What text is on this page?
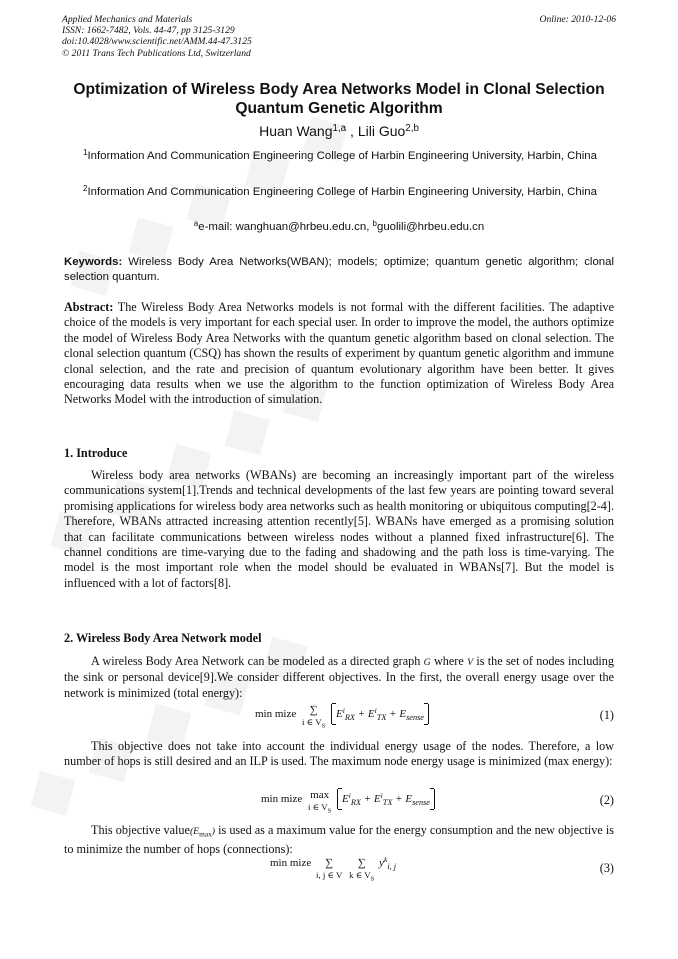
Applied Mechanics and Materials
ISSN: 1662-7482, Vols. 44-47, pp 3125-3129
doi:10.4028/www.scientific.net/AMM.44-47.3125
© 2011 Trans Tech Publications Ltd, Switzerland
Online: 2010-12-06
Optimization of Wireless Body Area Networks Model in Clonal Selection
Quantum Genetic Algorithm
Huan Wang$^{1,a}$ , Lili Guo$^{2,b}$
$^1$Information And Communication Engineering College of Harbin Engineering University, Harbin, China
$^2$Information And Communication Engineering College of Harbin Engineering University, Harbin, China
$^a$e-mail: wanghuan@hrbeu.edu.cn, $^b$guolili@hrbeu.edu.cn
Keywords: Wireless Body Area Networks(WBAN); models; optimize; quantum genetic algorithm; clonal selection quantum.
Abstract: The Wireless Body Area Networks models is not formal with the different facilities. The adaptive choice of the models is very important for each special user. In order to improve the model, the authors optimize the model of Wireless Body Area Networks with the quantum genetic algorithm based on clonal selection. The clonal selection quantum (CSQ) has shown the results of experiment by quantum genetic algorithm and immune clonal selection, and the rate and precision of quantum evolutionary algorithm have been better. It gives encouraging data results when we use the algorithm to the function optimization of Wireless Body Area Networks Model with the introduction of simulation.
1. Introduce
Wireless body area networks (WBANs) are becoming an increasingly important part of the wireless communications system[1].Trends and technical developments of the last few years are pointing toward several promising applications for wireless body area networks such as health monitoring or ubiquitous computing[2-4]. Therefore, WBANs attracted increasing attention recently[5]. WBANs have emerged as a promising solution that can facilitate communications between wireless nodes without a planned fixed infrastructure[6]. The channel conditions are time-varying due to the fading and shadowing and the path loss is time-varying. The model is the most important role when the model should be evaluated in WBANs[7]. But the model is influenced with a lot of factors[8].
2. Wireless Body Area Network model
A wireless Body Area Network can be modeled as a directed graph G where V is the set of nodes including the sink or personal device[9].We consider different objectives. In the first, the overall energy usage over the network is minimized (total energy):
min mize ∑
i ∈ $V_S$ $E^i_{RX} + E^i_{TX} + E_{sense}$	(1)
This objective does not take into account the individual energy usage of the nodes. Therefore, a low number of hops is still desired and an ILP is used. The maximum node energy usage is minimized (max energy):
min mize max
i ∈ $V_S$ $E^i_{RX} + E^i_{TX} + E_{sense}$	(2)
This objective $value(E_{max})$ is used as a maximum value for the energy consumption and the new objective is to minimize the number of hops (connections):
min mize ∑
i, j ∈ V ∑
k ∈ $V_S$ $y^k_{i, j}$	(3)
